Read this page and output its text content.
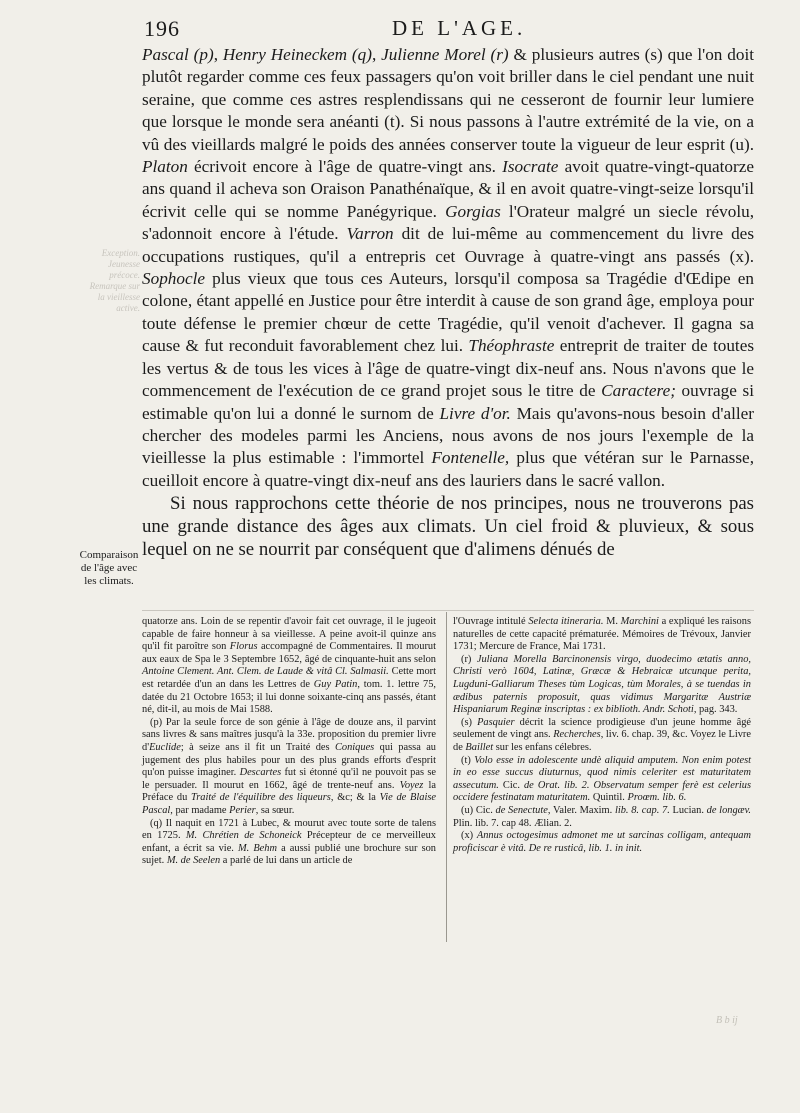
196	DE L'AGE.

Pascal (p), Henry Heineckem (q), Julienne Morel (r) & plusieurs autres (s) que l'on doit plutôt regarder comme ces feux passagers qu'on voit briller dans le ciel pendant une nuit seraine, que comme ces astres resplendissans qui ne cesseront de fournir leur lumiere que lorsque le monde sera anéanti (t). Si nous passons à l'autre extrémité de la vie, on a vû des vieillards malgré le poids des années conserver toute la vigueur de leur esprit (u). Platon écrivoit encore à l'âge de quatre-vingt ans. Isocrate avoit quatre-vingt-quatorze ans quand il acheva son Oraison Panathénaïque, & il en avoit quatre-vingt-seize lorsqu'il écrivit celle qui se nomme Panégyrique. Gorgias l'Orateur malgré un siecle révolu, s'adonnoit encore à l'étude. Varron dit de lui-même au commencement du livre des occupations rustiques, qu'il a entrepris cet Ouvrage à quatre-vingt ans passés (x). Sophocle plus vieux que tous ces Auteurs, lorsqu'il composa sa Tragédie d'Œdipe en colone, étant appellé en Justice pour être interdit à cause de son grand âge, employa pour toute défense le premier chœur de cette Tragédie, qu'il venoit d'achever. Il gagna sa cause & fut reconduit favorablement chez lui. Théophraste entreprit de traiter de toutes les vertus & de tous les vices à l'âge de quatre-vingt dix-neuf ans. Nous n'avons que le commencement de l'exécution de ce grand projet sous le titre de Caractere; ouvrage si estimable qu'on lui a donné le surnom de Livre d'or. Mais qu'avons-nous besoin d'aller chercher des modeles parmi les Anciens, nous avons de nos jours l'exemple de la vieillesse la plus estimable : l'immortel Fontenelle, plus que vétéran sur le Parnasse, cueilloit encore à quatre-vingt dix-neuf ans des lauriers dans le sacré vallon.

Si nous rapprochons cette théorie de nos principes, nous ne trouverons pas une grande distance des âges aux climats. Un ciel froid & pluvieux, & sous lequel on ne se nourrit par conséquent que d'alimens dénués de

Exception. Jeunesse précoce. Remarque sur la vieillesse active.
Comparaison de l'âge avec les climats.

quatorze ans. Loin de se repentir d'avoir fait cet ouvrage, il le jugeoit capable de faire honneur à sa vieillesse. A peine avoit-il quinze ans qu'il fit paroître son Florus accompagné de Commentaires. Il mourut aux eaux de Spa le 3 Septembre 1652, âgé de cinquante-huit ans selon Antoine Clement. Ant. Clem. de Laude & vitâ Cl. Salmasii. Cette mort est retardée d'un an dans les Lettres de Guy Patin, tom. 1. lettre 75, datée du 21 Octobre 1653; il lui donne soixante-cinq ans passés, étant né, dit-il, au mois de Mai 1588.

(p) Par la seule force de son génie à l'âge de douze ans, il parvint sans livres & sans maîtres jusqu'à la 33e. proposition du premier livre d'Euclide; à seize ans il fit un Traité des Coniques qui passa au jugement des plus habiles pour un des plus grands efforts d'esprit qu'on puisse imaginer. Descartes fut si étonné qu'il ne pouvoit pas se le persuader. Il mourut en 1662, âgé de trente-neuf ans. Voyez la Préface du Traité de l'équilibre des liqueurs, &c; & la Vie de Blaise Pascal, par madame Perier, sa sœur.

(q) Il naquit en 1721 à Lubec, & mourut avec toute sorte de talens en 1725. M. Chrétien de Schoneick Précepteur de ce merveilleux enfant, a écrit sa vie. M. Behm a aussi publié une brochure sur son sujet. M. de Seelen a parlé de lui dans un article de

l'Ouvrage intitulé Selecta itineraria. M. Marchini a expliqué les raisons naturelles de cette capacité prématurée. Mémoires de Trévoux, Janvier 1731; Mercure de France, Mai 1731.

(r) Juliana Morella Barcinonensis virgo, duodecimo ætatis anno, Christi verò 1604, Latinæ, Græcæ & Hebraicæ utcunque perita, Lugduni-Galliarum Theses tùm Logicas, tùm Morales, à se tuendas in ædibus paternis proposuit, quas vidimus Margaritæ Austriæ Hispaniarum Reginæ inscriptas : ex biblioth. Andr. Schoti, pag. 343.

(s) Pasquier décrit la science prodigieuse d'un jeune homme âgé seulement de vingt ans. Recherches, liv. 6. chap. 39, &c. Voyez le Livre de Baillet sur les enfans célebres.

(t) Volo esse in adolescente undè aliquid amputem. Non enim potest in eo esse succus diuturnus, quod nimis celeriter est maturitatem assecutum. Cic. de Orat. lib. 2. Observatum semper ferè est celerius occidere festinatam maturitatem. Quintil. Proœm. lib. 6.

(u) Cic. de Senectute, Valer. Maxim. lib. 8. cap. 7. Lucian. de longæv. Plin. lib. 7. cap 48. Ælian. 2.

(x) Annus octogesimus admonet me ut sarcinas colligam, antequam proficiscar è vitâ. De re rusticâ, lib. 1. in init.

B b ij
